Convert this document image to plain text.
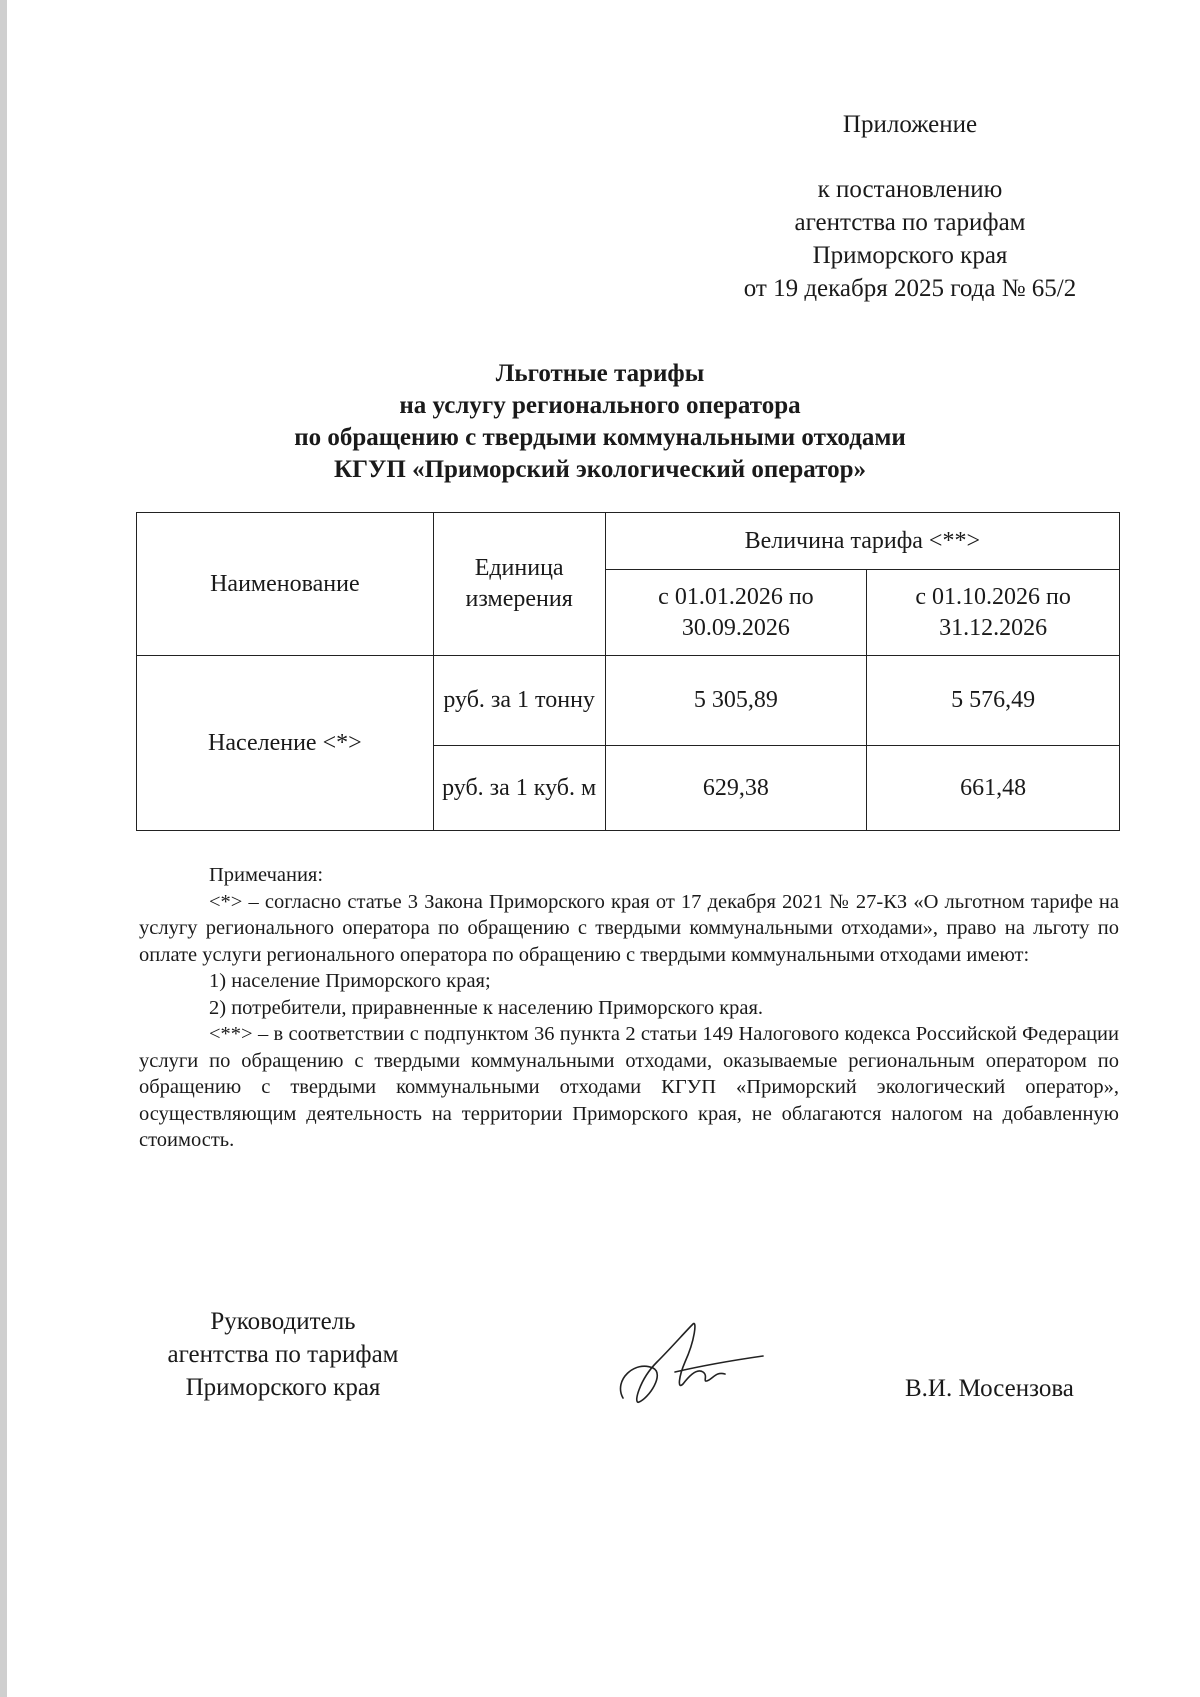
Приложение
к постановлению
агентства по тарифам
Приморского края
от 19 декабря 2025 года № 65/2
Льготные тарифы
на услугу регионального оператора
по обращению с твердыми коммунальными отходами
КГУП «Приморский экологический оператор»
Наименование	Единица измерения	Величина тарифа <**>	
		с 01.01.2026 по 30.09.2026	с 01.10.2026 по 31.12.2026
Население <*>	руб. за 1 тонну	5 305,89	5 576,49
	руб. за 1 куб. м	629,38	661,48

Примечания:

<*> – согласно статье 3 Закона Приморского края от 17 декабря 2021 № 27-КЗ «О льготном тарифе на услугу регионального оператора по обращению с твердыми коммунальными отходами», право на льготу по оплате услуги регионального оператора по обращению с твердыми коммунальными отходами имеют:

1) население Приморского края;

2) потребители, приравненные к населению Приморского края.

<**> – в соответствии с подпунктом 36 пункта 2 статьи 149 Налогового кодекса Российской Федерации услуги по обращению с твердыми коммунальными отходами, оказываемые региональным оператором по обращению с твердыми коммунальными отходами КГУП «Приморский экологический оператор», осуществляющим деятельность на территории Приморского края, не облагаются налогом на добавленную стоимость.

Руководитель
агентства по тарифам
Приморского края	В.И. Мосензова
